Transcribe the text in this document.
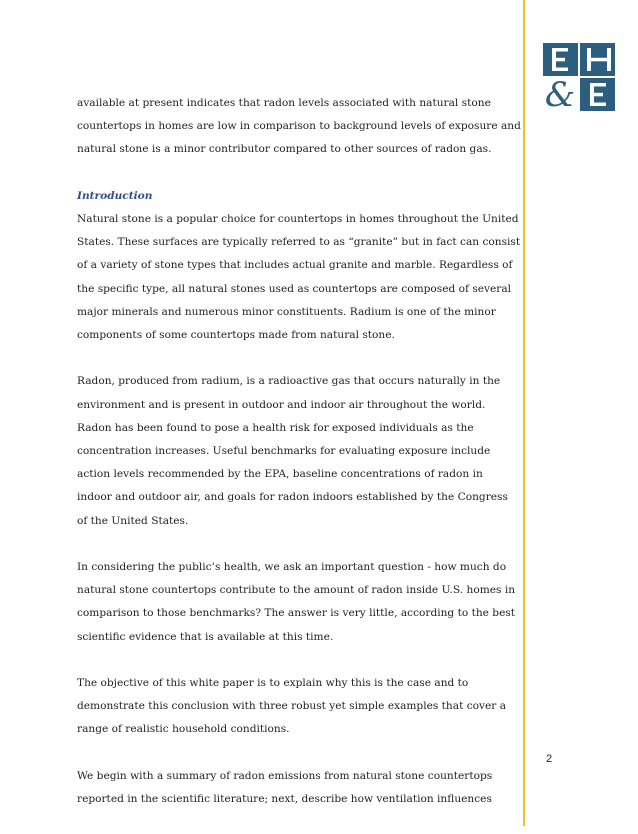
&

available at present indicates that radon levels associated with natural stone
countertops in homes are low in comparison to background levels of exposure and
natural stone is a minor contributor compared to other sources of radon gas.

Introduction
Natural stone is a popular choice for countertops in homes throughout the United
States. These surfaces are typically referred to as “granite” but in fact can consist
of a variety of stone types that includes actual granite and marble. Regardless of
the specific type, all natural stones used as countertops are composed of several
major minerals and numerous minor constituents. Radium is one of the minor
components of some countertops made from natural stone.

Radon, produced from radium, is a radioactive gas that occurs naturally in the
environment and is present in outdoor and indoor air throughout the world.
Radon has been found to pose a health risk for exposed individuals as the
concentration increases. Useful benchmarks for evaluating exposure include
action levels recommended by the EPA, baseline concentrations of radon in
indoor and outdoor air, and goals for radon indoors established by the Congress
of the United States.

In considering the public’s health, we ask an important question - how much do
natural stone countertops contribute to the amount of radon inside U.S. homes in
comparison to those benchmarks? The answer is very little, according to the best
scientific evidence that is available at this time.

The objective of this white paper is to explain why this is the case and to
demonstrate this conclusion with three robust yet simple examples that cover a
range of realistic household conditions.

We begin with a summary of radon emissions from natural stone countertops
reported in the scientific literature; next, describe how ventilation influences

2
